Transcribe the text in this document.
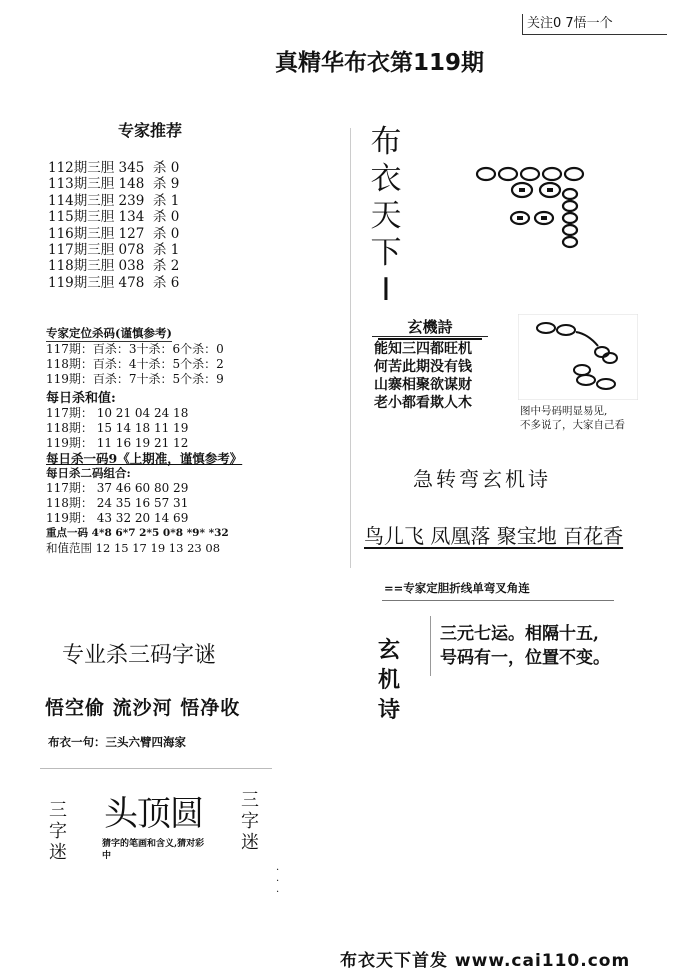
关注0 7悟一个
真精华布衣第119期
专家推荐
112期三胆 345  杀 0
113期三胆 148  杀 9
114期三胆 239  杀 1
115期三胆 134  杀 0
116期三胆 127  杀 0
117期三胆 078  杀 1
118期三胆 038  杀 2
119期三胆 478  杀 6
专家定位杀码(谨慎参考)
117期：百杀：3十杀：6个杀：0
118期：百杀：4十杀：5个杀：2
119期：百杀：7十杀：5个杀：9
每日杀和值:
117期： 10 21 04 24 18
118期： 15 14 18 11 19
119期： 11 16 19 21 12
每日杀一码9《上期准，谨慎参考》
每日杀二码组合:
117期： 37 46 60 80 29
118期： 24 35 16 57 31
119期： 43 32 20 14 69
重点一码 4*8 6*7 2*5 0*8 *9* *32
和值范围 12 15 17 19 13 23 08
专业杀三码字谜
悟空偷 流沙河 悟净收
布衣一句：三头六臂四海家
三
字
迷
头顶圆
猜字的笔画和含义,猜对彩中
三
字
迷
. . .
布
衣
天
下
I
玄機詩
能知三四都旺机
何苦此期没有钱
山寨相聚欲谋财
老小都看欺人木	图中号码明显易见,
不多说了，大家自己看
急转弯玄机诗
鸟儿飞 凤凰落 聚宝地 百花香
==专家定胆折线单弯叉角连
玄
机
诗
三元七运。相隔十五,
号码有一，位置不变。
布衣天下首发 www.cai110.com
